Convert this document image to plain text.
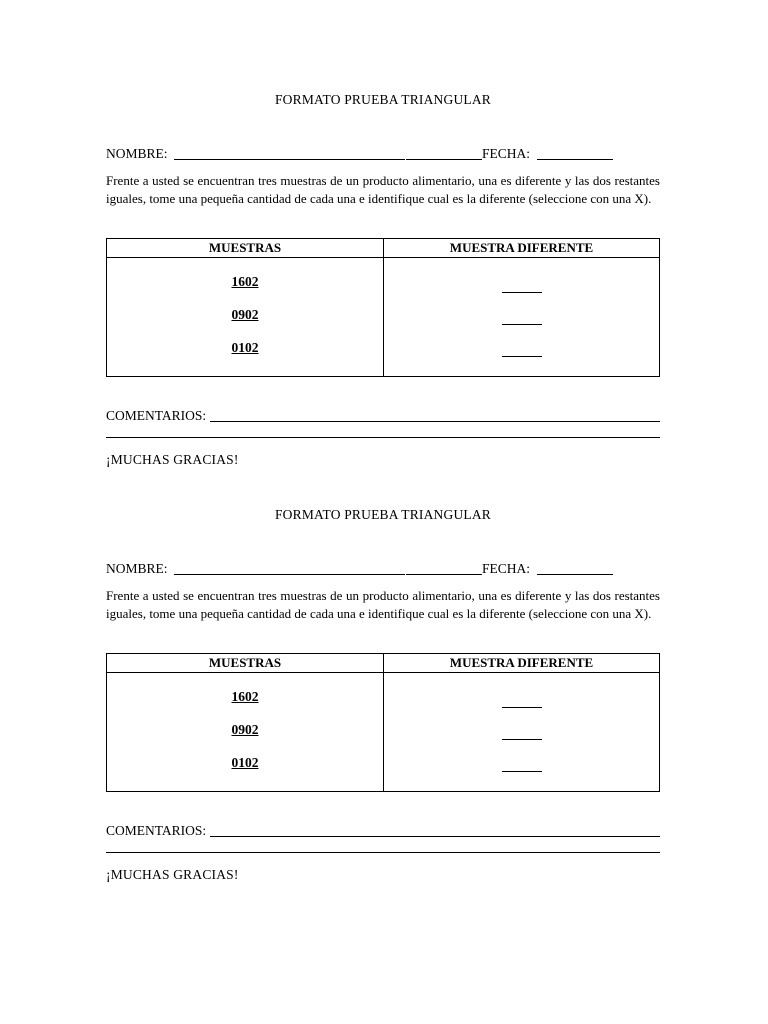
FORMATO PRUEBA TRIANGULAR
NOMBRE:	FECHA:
Frente a usted se encuentran tres muestras de un producto alimentario, una es diferente y las dos restantes iguales, tome una pequeña cantidad de cada una e identifique cual es la diferente (seleccione con una X).
MUESTRAS	MUESTRA DIFERENTE

1602
0902
0102	

COMENTARIOS:
¡MUCHAS GRACIAS!
FORMATO PRUEBA TRIANGULAR
NOMBRE:	FECHA:
Frente a usted se encuentran tres muestras de un producto alimentario, una es diferente y las dos restantes iguales, tome una pequeña cantidad de cada una e identifique cual es la diferente (seleccione con una X).
MUESTRAS	MUESTRA DIFERENTE

1602
0902
0102	

COMENTARIOS:
¡MUCHAS GRACIAS!
